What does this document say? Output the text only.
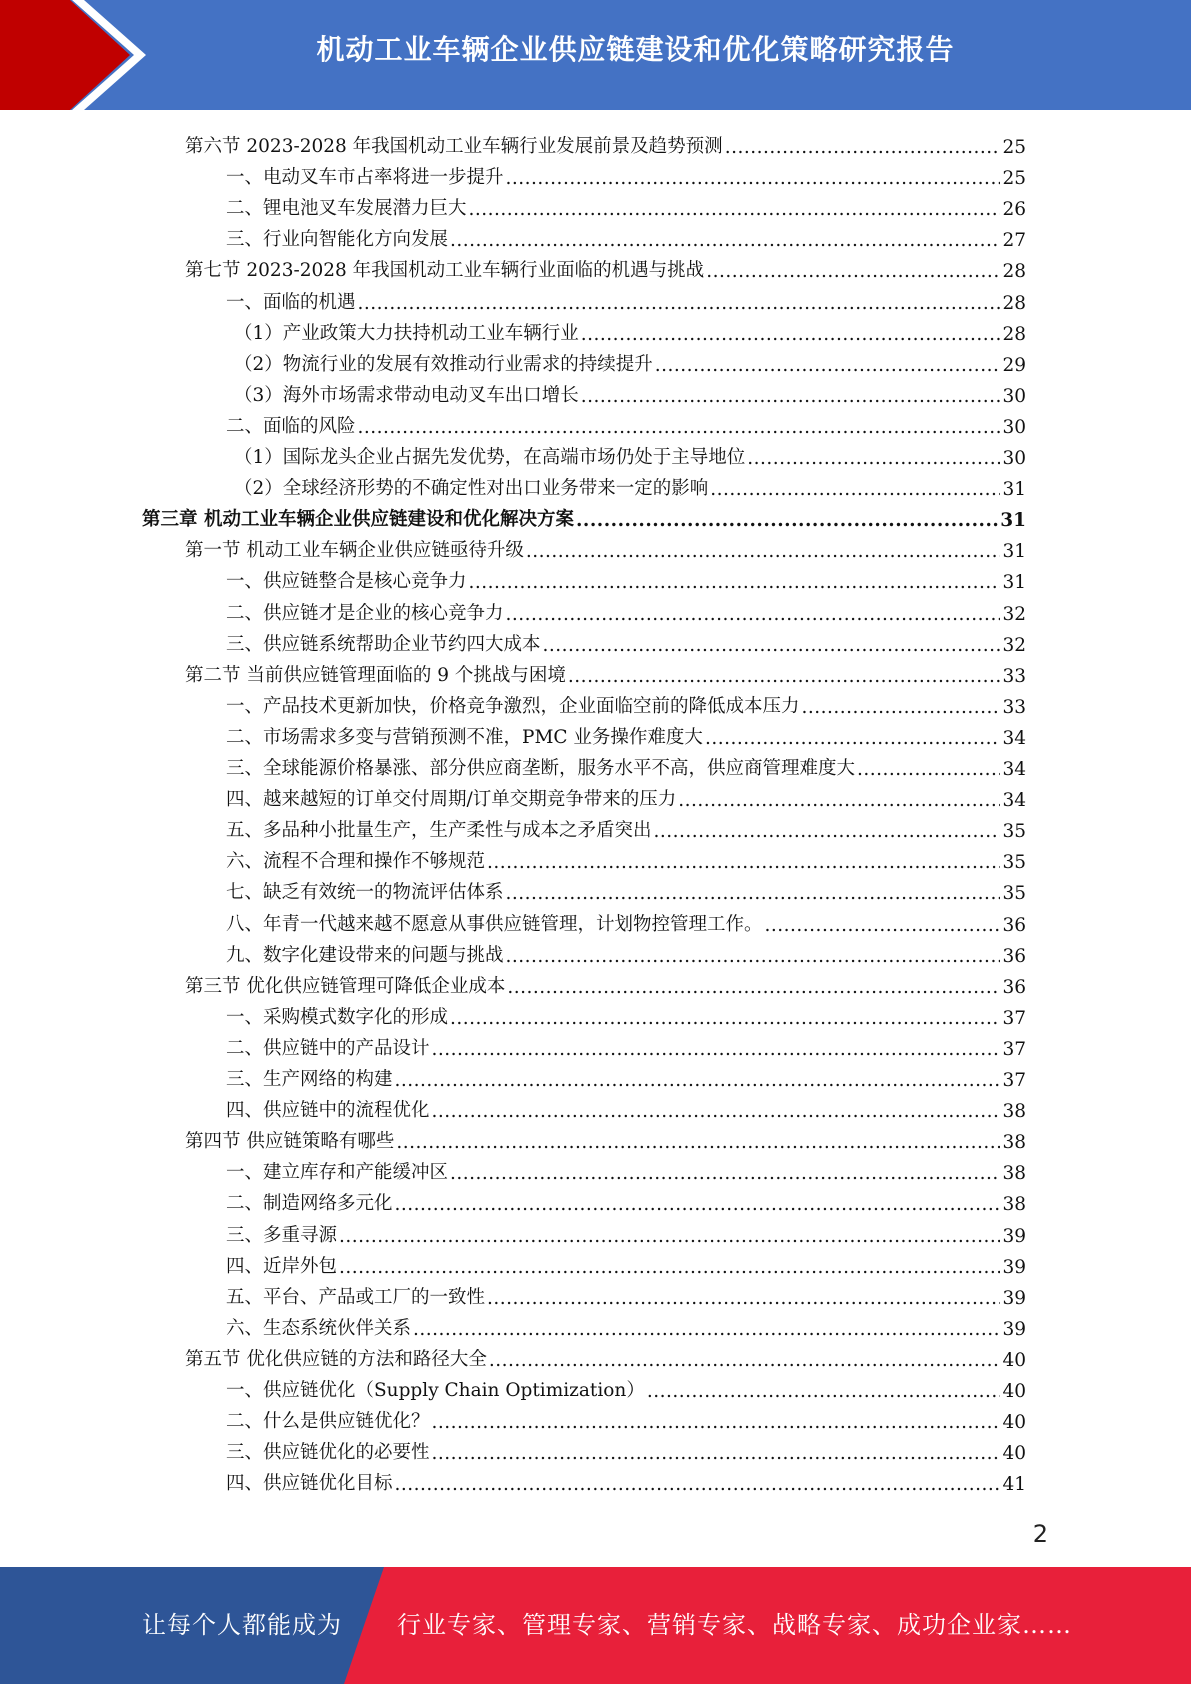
机动工业车辆企业供应链建设和优化策略研究报告
第六节 2023-2028 年我国机动工业车辆行业发展前景及趋势预测 .....	25
一、电动叉车市占率将进一步提升 .....	25
二、锂电池叉车发展潜力巨大 .....	26
三、行业向智能化方向发展 .....	27
第七节 2023-2028 年我国机动工业车辆行业面临的机遇与挑战 .....	28
一、面临的机遇 .....	28
（1）产业政策大力扶持机动工业车辆行业 .....	28
（2）物流行业的发展有效推动行业需求的持续提升 .....	29
（3）海外市场需求带动电动叉车出口增长 .....	30
二、面临的风险 .....	30
（1）国际龙头企业占据先发优势，在高端市场仍处于主导地位 .....	30
（2）全球经济形势的不确定性对出口业务带来一定的影响 .....	31
第三章 机动工业车辆企业供应链建设和优化解决方案 .....	31
第一节 机动工业车辆企业供应链亟待升级 .....	31
一、供应链整合是核心竞争力 .....	31
二、供应链才是企业的核心竞争力 .....	32
三、供应链系统帮助企业节约四大成本 .....	32
第二节 当前供应链管理面临的 9 个挑战与困境 .....	33
一、产品技术更新加快，价格竞争激烈，企业面临空前的降低成本压力 .....	33
二、市场需求多变与营销预测不准，PMC 业务操作难度大 .....	34
三、全球能源价格暴涨、部分供应商垄断，服务水平不高，供应商管理难度大 .....	34
四、越来越短的订单交付周期/订单交期竞争带来的压力 .....	34
五、多品种小批量生产，生产柔性与成本之矛盾突出 .....	35
六、流程不合理和操作不够规范 .....	35
七、缺乏有效统一的物流评估体系 .....	35
八、年青一代越来越不愿意从事供应链管理，计划物控管理工作。 .....	36
九、数字化建设带来的问题与挑战 .....	36
第三节 优化供应链管理可降低企业成本 .....	36
一、采购模式数字化的形成 .....	37
二、供应链中的产品设计 .....	37
三、生产网络的构建 .....	37
四、供应链中的流程优化 .....	38
第四节 供应链策略有哪些 .....	38
一、建立库存和产能缓冲区 .....	38
二、制造网络多元化 .....	38
三、多重寻源 .....	39
四、近岸外包 .....	39
五、平台、产品或工厂的一致性 .....	39
六、生态系统伙伴关系 .....	39
第五节 优化供应链的方法和路径大全 .....	40
一、供应链优化（Supply Chain Optimization） .....	40
二、什么是供应链优化？ .....	40
三、供应链优化的必要性 .....	40
四、供应链优化目标 .....	41
2
让每个人都能成为 行业专家、管理专家、营销专家、战略专家、成功企业家……
